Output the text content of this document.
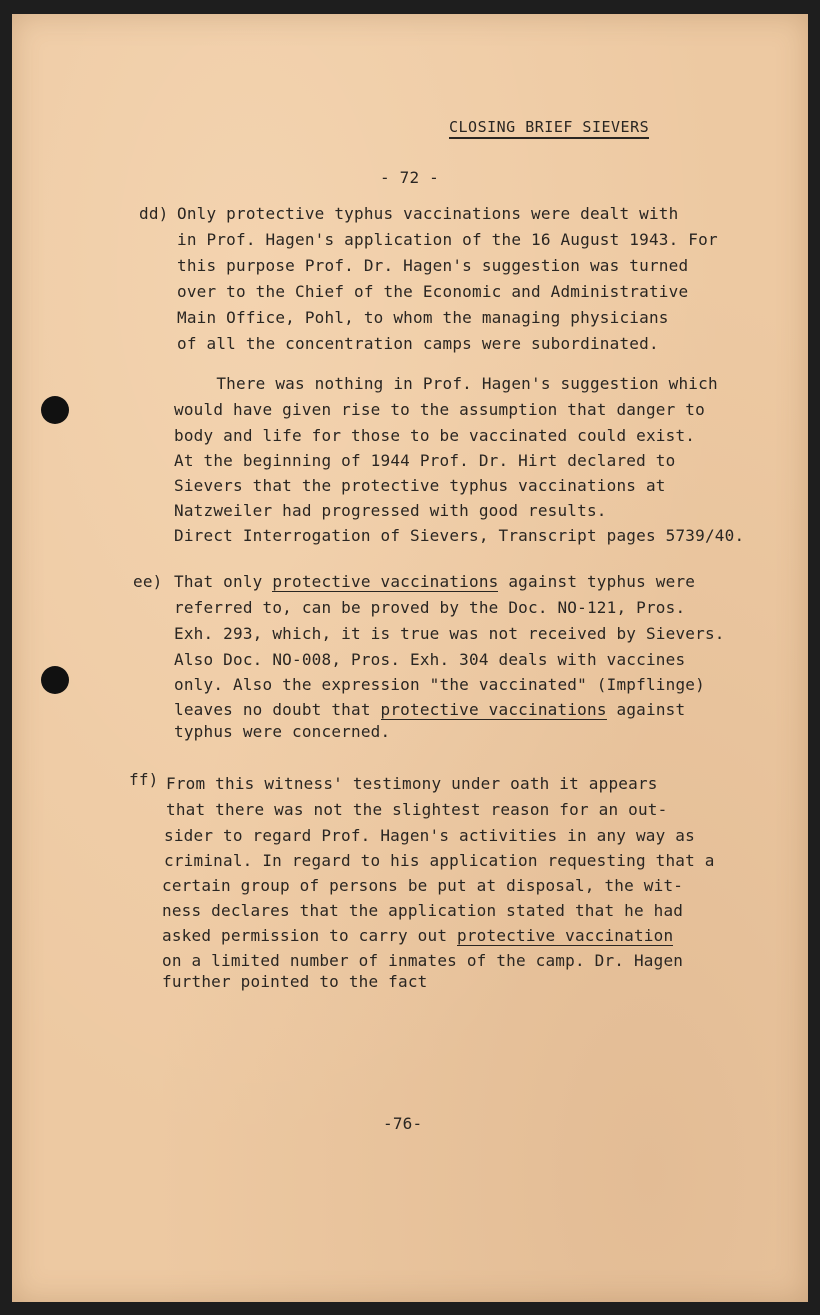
CLOSING BRIEF SIEVERS
- 72 -
dd) Only protective typhus vaccinations were dealt with
in Prof. Hagen's application of the 16 August 1943. For
this purpose Prof. Dr. Hagen's suggestion was turned
over to the Chief of the Economic and Administrative
Main Office, Pohl, to whom the managing physicians
of all the concentration camps were subordinated.
There was nothing in Prof. Hagen's suggestion which
would have given rise to the assumption that danger to
body and life for those to be vaccinated could exist.
At the beginning of 1944 Prof. Dr. Hirt declared to
Sievers that the protective typhus vaccinations at
Natzweiler had progressed with good results.
Direct Interrogation of Sievers, Transcript pages 5739/40.
ee) That only protective vaccinations against typhus were
referred to, can be proved by the Doc. NO-121, Pros.
Exh. 293, which, it is true was not received by Sievers.
Also Doc. NO-008, Pros. Exh. 304 deals with vaccines
only. Also the expression "the vaccinated" (Impflinge)
leaves no doubt that protective vaccinations against
typhus were concerned.
ff) From this witness' testimony under oath it appears
that there was not the slightest reason for an out-
sider to regard Prof. Hagen's activities in any way as
criminal. In regard to his application requesting that a
certain group of persons be put at disposal, the wit-
ness declares that the application stated that he had
asked permission to carry out protective vaccination
on a limited number of inmates of the camp. Dr. Hagen
further pointed to the fact
-76-
